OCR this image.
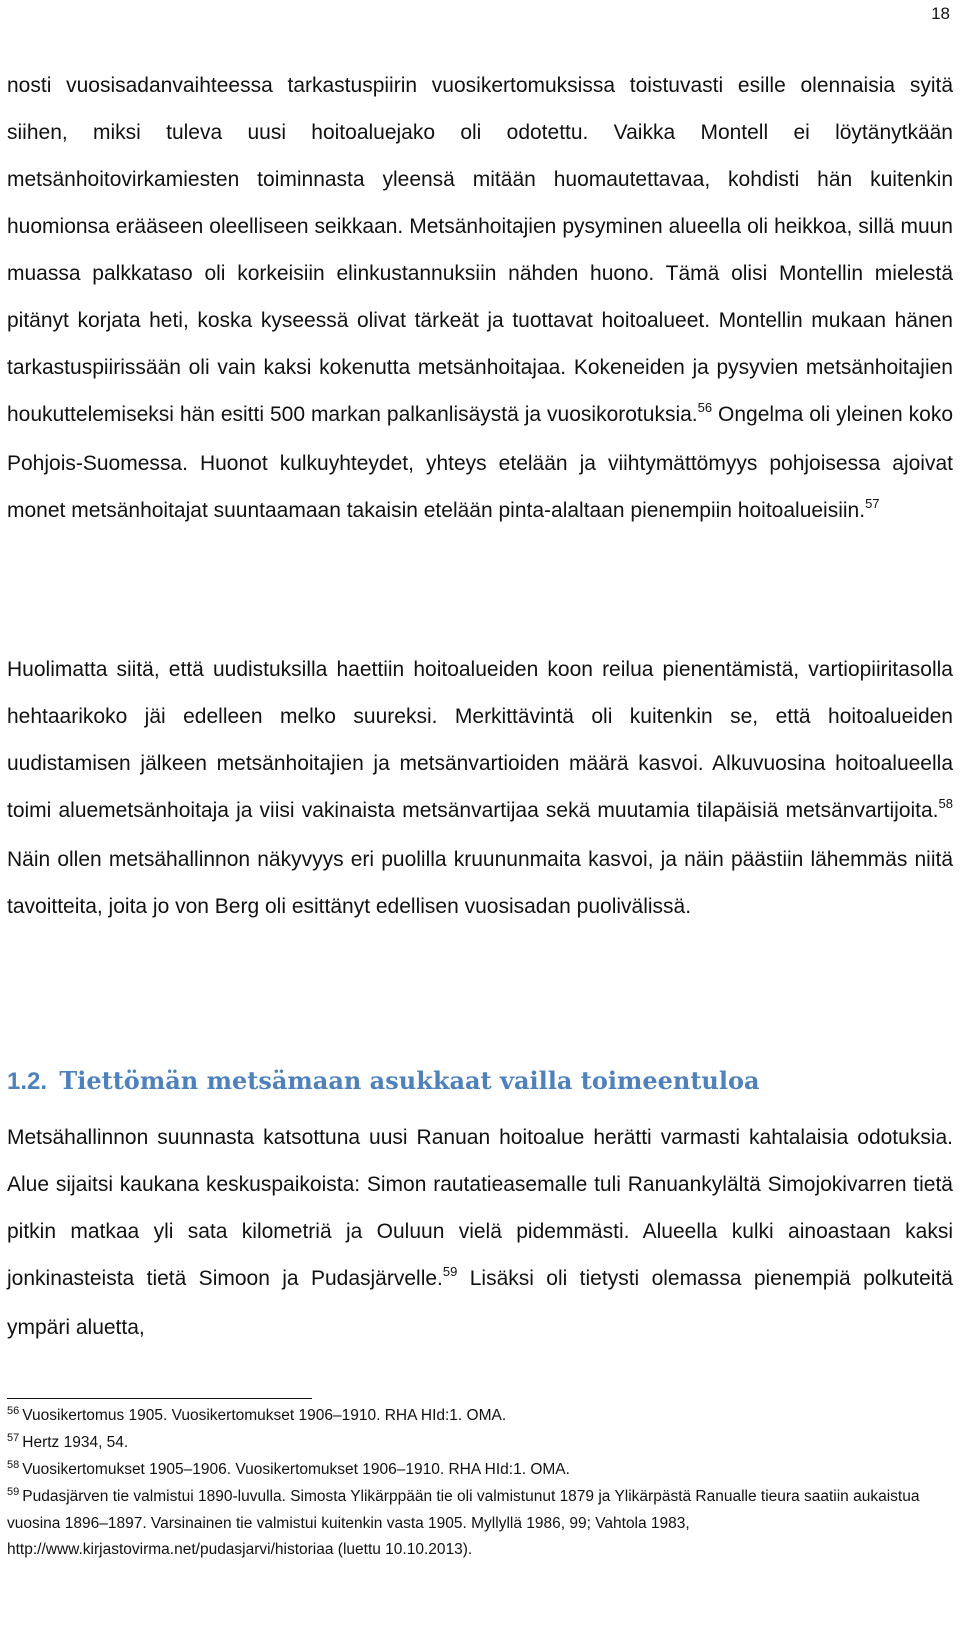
18
nosti vuosisadanvaihteessa tarkastuspiirin vuosikertomuksissa toistuvasti esille olennaisia syitä siihen, miksi tuleva uusi hoitoaluejako oli odotettu. Vaikka Montell ei löytänytkään metsänhoitovirkamiesten toiminnasta yleensä mitään huomautettavaa, kohdisti hän kuitenkin huomionsa erääseen oleelliseen seikkaan. Metsänhoitajien pysyminen alueella oli heikkoa, sillä muun muassa palkkataso oli korkeisiin elinkustannuksiin nähden huono. Tämä olisi Montellin mielestä pitänyt korjata heti, koska kyseessä olivat tärkeät ja tuottavat hoitoalueet. Montellin mukaan hänen tarkastuspiirissään oli vain kaksi kokenutta metsänhoitajaa. Kokeneiden ja pysyvien metsänhoitajien houkuttelemiseksi hän esitti 500 markan palkanlisäystä ja vuosikorotuksia.$^{56}$ Ongelma oli yleinen koko Pohjois-Suomessa. Huonot kulkuyhteydet, yhteys etelään ja viihtymättömyys pohjoisessa ajoivat monet metsänhoitajat suuntaamaan takaisin etelään pinta-alaltaan pienempiin hoitoalueisiin.$^{57}$
Huolimatta siitä, että uudistuksilla haettiin hoitoalueiden koon reilua pienentämistä, vartiopiiritasolla hehtaarikoko jäi edelleen melko suureksi. Merkittävintä oli kuitenkin se, että hoitoalueiden uudistamisen jälkeen metsänhoitajien ja metsänvartioiden määrä kasvoi. Alkuvuosina hoitoalueella toimi aluemetsänhoitaja ja viisi vakinaista metsänvartijaa sekä muutamia tilapäisiä metsänvartijoita.$^{58}$ Näin ollen metsähallinnon näkyvyys eri puolilla kruununmaita kasvoi, ja näin päästiin lähemmäs niitä tavoitteita, joita jo von Berg oli esittänyt edellisen vuosisadan puolivälissä.
1.2. Tiettömän metsämaan asukkaat vailla toimeentuloa
Metsähallinnon suunnasta katsottuna uusi Ranuan hoitoalue herätti varmasti kahtalaisia odotuksia. Alue sijaitsi kaukana keskuspaikoista: Simon rautatieasemalle tuli Ranuankylältä Simojokivarren tietä pitkin matkaa yli sata kilometriä ja Ouluun vielä pidemmästi. Alueella kulki ainoastaan kaksi jonkinasteista tietä Simoon ja Pudasjärvelle.$^{59}$ Lisäksi oli tietysti olemassa pienempiä polkuteitä ympäri aluetta,
$^{56}$ Vuosikertomus 1905. Vuosikertomukset 1906–1910. RHA HId:1. OMA.
$^{57}$ Hertz 1934, 54.
$^{58}$ Vuosikertomukset 1905–1906. Vuosikertomukset 1906–1910. RHA HId:1. OMA.
$^{59}$ Pudasjärven tie valmistui 1890-luvulla. Simosta Ylikärppään tie oli valmistunut 1879 ja Ylikärpästä Ranualle tieura saatiin aukaistua vuosina 1896–1897. Varsinainen tie valmistui kuitenkin vasta 1905. Myllyllä 1986, 99; Vahtola 1983, http://www.kirjastovirma.net/pudasjarvi/historiaa (luettu 10.10.2013).
